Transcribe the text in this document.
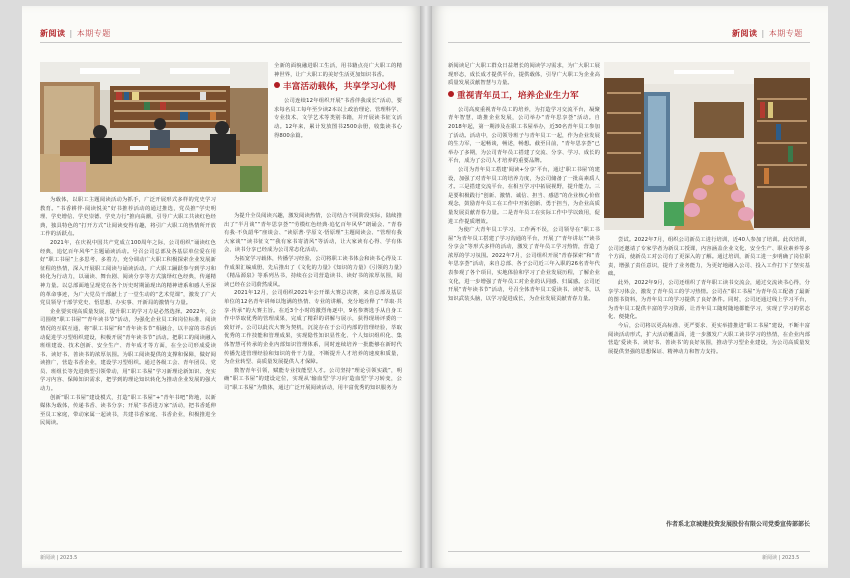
新阅读 | 本期专题

全新的面貌融进职工生活，用书籍点亮广大职工的精神世界，让广大职工的美好生活更加知识书香。

丰富活动载体，共享学习心得

公司连续12年组织开展“书香伴我成长”活动，要求每名员工每年至少读2本以上政治理论、管理科学、专业技术、文学艺术等类别书籍，并开展读书征文活动。12年来，累计发放图书2500余册，收集读书心得800余篇。

为载体，以职工主题阅读活动为抓手，广泛开展形式多样的党史学习教育。“书香耕伴·阅读悦美”好书推荐活动的通过推选，党员推“学史明理、学史增信、学史崇德、学史力行”推向高潮，引导广大职工共读红色经典，独具特色的“打开方式”让阅读变得有趣，将引广大职工的热情所开放工作的活跃点。

2021年，在庆祝中国共产党成立100周年之际，公司组织“诵读红色经典，追忆百年风华”主题诵读活动。号召公司总部及各基层单位爱在用好“职工书屋”上多思考、多着力，充分调动广大职工积极探索企业发展新征程的热情，深入开展职工阅读与诵读活动。广大职工踊跃参与到学习和转化为行动力，以诵读、舞台剧、阅读分享等方式演绎红色经典，传递精神力量。以总部面地呈现党在各个历史时期涌现出的精神谱系和感人至深的革命事迹，为广大党员干部献上了一堂生动的“艺术党课”，激发了广大党员领导干部学党史、悟思想、办实事、开新局的激情与力量。

企业要实现高质量发展，提升职工的学习力是必然选择。2022年，公司围绕“职工书屋”“青年读书节”活动，为强化企业员工和岗位标准、阅读情况的互联互通，将“职工书屋”和“青年读书节”相融合，以丰富的书香活动促进学习型组织建设，积极开展“青年读书节”活动。把职工的阅读融入班组建设、技术创新、安全生产、青年成才等方面，在全公司形成爱读书、读好书、善读书的浓厚氛围。为职工阅读提供的支撑和保障，做好阅读推广，营造书香企业，建设学习型组织。通过各级工会、青年团员、党员、班组长等先进典型引领带动，用“职工书屋”学习新理论新知识、充实学习内容、保障知识需求，把学到的理论知识转化为推动企业发展的强大动力。

创新“职工书屋”建设模式，打造“职工书屋”+“青年书吧”阵地，以新媒体为载体，传递书香、读书分享；开展“书香进万家”活动，把书香延伸至员工家庭，带动家属一起读书，共建书香家庭、书香企业，积极推进全民阅读。

为提升全员阅读兴趣，激发阅读热情，公司结合不同阶段实际，陆续推出了“半月谈”“青年思享荟”“劳模红色经典·追忆百年风华”朗诵会、“青春有我·不负韶华”座谈会、“读原著·学原文·悟原理”主题阅读会、“管理有我大家谈”“读书征文”“我有家书寄清风”等活动，让大家读有心得、学有体会，读书分享已经成为公司常态化活动。

为拓宽学习载体，传播学习经验，公司将职工读书体会和读书心得及工作成果汇编成册，先后推出了《文化的力量》《知识的力量》《引领的力量》《精品源泉》等系列丛书，持续在公司营造读书、读好书的浓厚氛围，阅读已经在公司蔚然成风。

2021年12月，公司组织2021年公开课大赛总决赛，来自总部及基层单位的12名青年讲师以饱满的热情、专业的讲解，充分地诠释了“萃取·共享·传承”的大赛主旨。在近3个小时的激烈角逐中，9名参赛选手从自身工作中萃取优秀的管理成果，完成了精彩的讲解与展示，获得现场评委的一致好评。公司以此次大赛为契机，沉淀存在于公司内部的管理经验，萃取优秀的工作技能和管理成果，实现隐性知识显性化、个人知识组织化、集体智慧可传承的企业内部知识管理体系，同时连续培养一批能够在新时代传播先进管理经验和知识的骨干力量，不断提升人才培养的速度和质量，为企业转型、高质量发展提供人才保障。

数智青年引领，赋能专业技能型人才。公司坚持“理论引领实践”，明确“职工书屋”的建设定位，实现从‘输血型’学习向‘造血型’学习转变，公司“职工书屋”为数体，通过广泛开展阅读活动，用丰富优秀的知识服务为

新阅读 | 2023.5
新阅读 | 本期专题

新阅读足广大职工群众日益增长的阅读学习需求，为广大职工展现形态，成长成才提供平台，提供载体，引导广大职工为企业高质量发展贡献智慧与力量。

重视青年员工，培养企业生力军

公司高度重视青年员工的培养，为打造学习交流平台，凝聚青年智慧，助推企业发展，公司举办“青年思享荟”活动。自2018年起，第一期涉及在职工书屋举办，近30名青年员工参加了活动。活动中，公司领导班子与青年员工一起，作为企业发展的生力军，一起畅谈，畅述，畅想。截至目前，“青年思享荟”已举办了多期，为公司青年员工搭建了交流、分享、学习、成长的平台，成为了公司人才培养的重要品牌。

公司为青年员工搭建‘阅读+分享’平台，通过‘职工书屋’的建设，加强了对青年员工的培养力度，为公司储备了一批高素质人才。三是搭建交流平台，在相互学习中拓展视野，提升能力。三是要积极践行“创新、激情、诚信、担当、感恩”的企业核心价值观念，鼓励青年员工在工作中开拓创新、勇于担当，为企业高质量发展贡献青春力量。二是青年员工在实际工作中学以致用，促进工作提质增效。

为使广大青年员工学习、工作两不误，公司领导在“职工书屋”为青年员工搭建了学习沟通的平台，开展了“青年讲坛”“读书分享会”等形式多样的活动，激发了青年员工学习热情，营造了浓厚的学习氛围。2022年7月，公司组织开展“青春探索”和“青年思享荟”活动，来自总部、各子公司近三年入职的26名青年代表参观了各个项目，实地体验和学习了企业发展历程，了解企业文化，进一步增强了青年员工对企业的认同感、归属感。公司还开展“青年读书节”活动，号召全体青年员工爱读书、读好书，以知识武装头脑，以学习促进成长，为企业发展贡献青春力量。

尝试。2022年7月，组织公司新员工进行培训，近40人参加了培训。此次培训，公司还邀请了专家学者为新员工授课，内容涵盖企业文化、安全生产、职业素养等多个方面，使新员工对公司有了更深入的了解。通过培训，新员工进一步明确了岗位职责，增强了责任意识，提升了业务能力，为更好地融入公司、投入工作打下了坚实基础。

此外，2022年9月，公司还组织了青年职工读书交流会，通过交流读书心得，分享学习体会，激发了青年员工的学习热情。公司在“职工书屋”为青年员工配备了最新的图书资料，为青年员工的学习提供了良好条件。同时，公司还通过线上学习平台，为青年员工提供丰富的学习资源，让青年员工随时随地都能学习，实现了学习的常态化、便捷化。

今后，公司将以更高标准、更严要求、更实举措推进“职工书屋”建设，不断丰富阅读活动形式，扩大活动覆盖面，进一步激发广大职工读书学习的热情，在企业内部营造‘爱读书、读好书、善读书’的良好氛围，推动学习型企业建设，为公司高质量发展提供坚强的思想保证、精神动力和智力支持。

作者系北京城建投资发展股份有限公司党委宣传部部长
新阅读 | 2023.5
